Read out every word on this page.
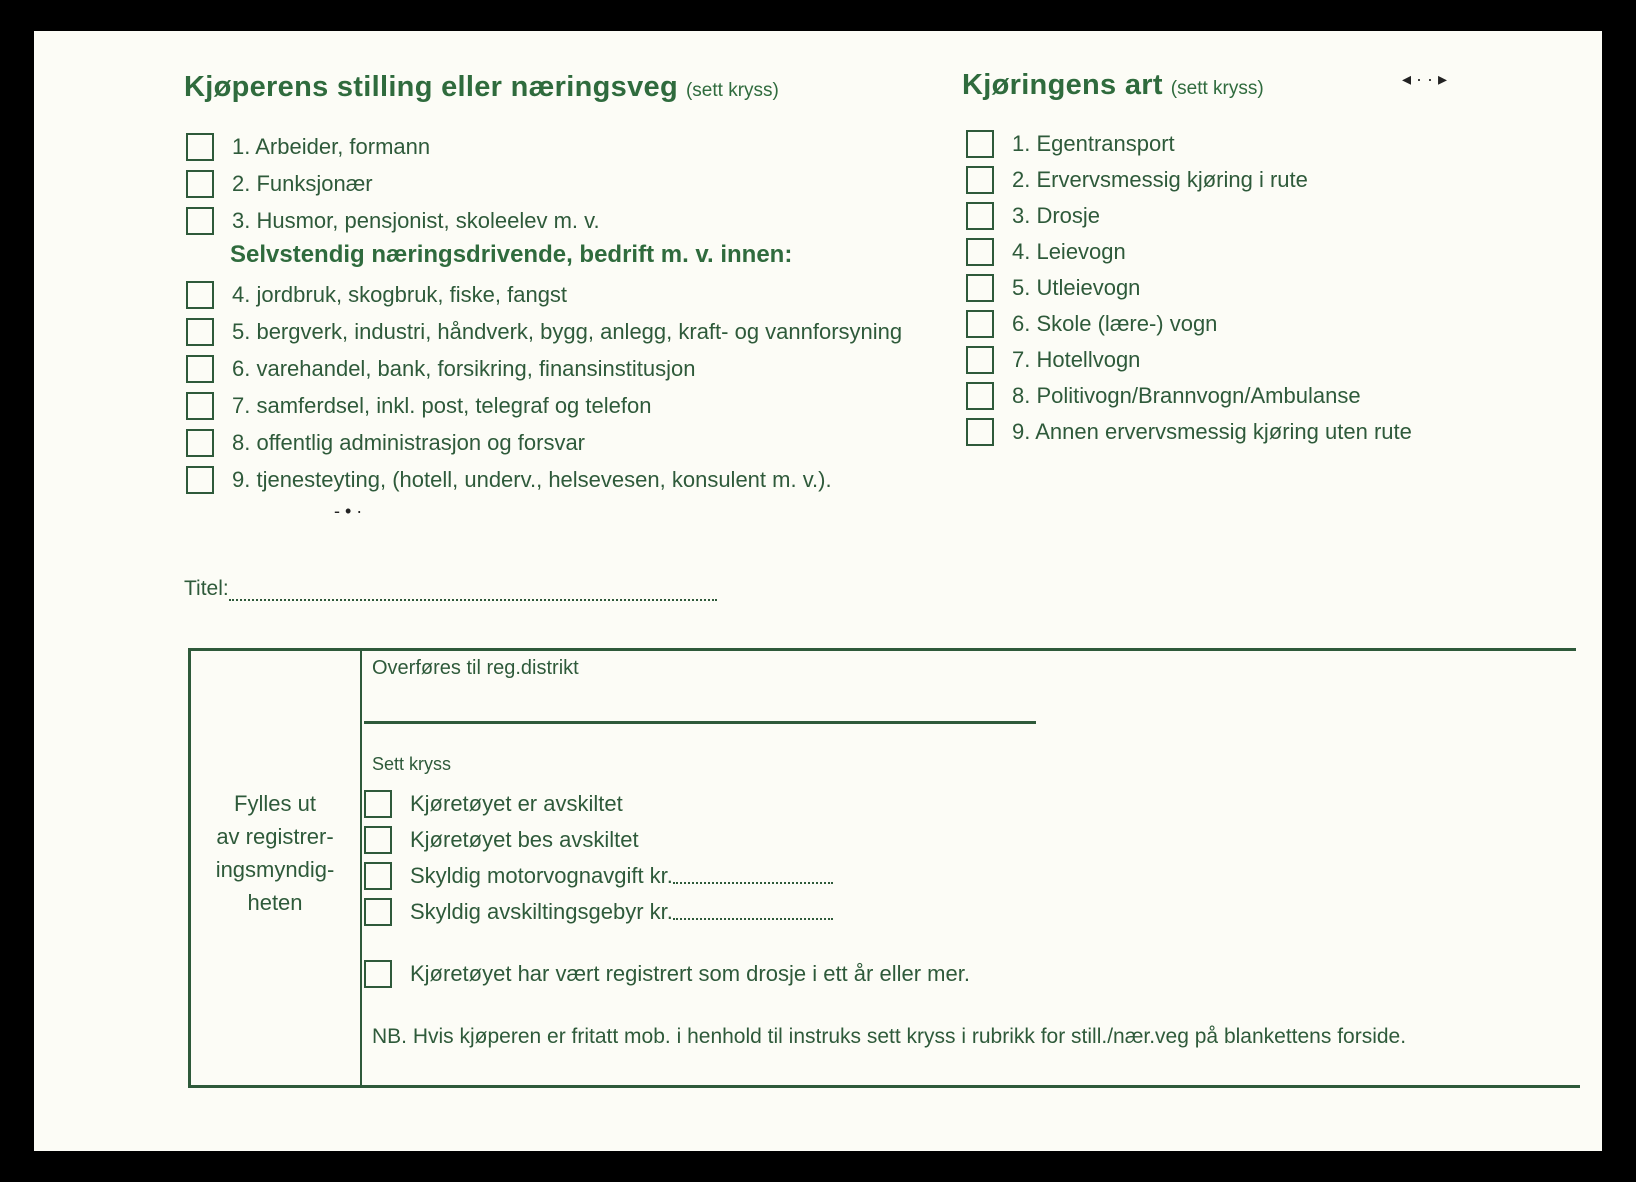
Kjøperens stilling eller næringsveg (sett kryss)
1. Arbeider, formann
2. Funksjonær
3. Husmor, pensjonist, skoleelev m. v.
Selvstendig næringsdrivende, bedrift m. v. innen:
4. jordbruk, skogbruk, fiske, fangst
5. bergverk, industri, håndverk, bygg, anlegg, kraft- og vannforsyning
6. varehandel, bank, forsikring, finansinstitusjon
7. samferdsel, inkl. post, telegraf og telefon
8. offentlig administrasjon og forsvar
9. tjenesteyting, (hotell, underv., helsevesen, konsulent m. v.).
- • ·
Titel:
Kjøringens art (sett kryss)	◂ · · ▸
1. Egentransport
2. Ervervsmessig kjøring i rute
3. Drosje
4. Leievogn
5. Utleievogn
6. Skole (lære-) vogn
7. Hotellvogn
8. Politivogn/Brannvogn/Ambulanse
9. Annen ervervsmessig kjøring uten rute
Fylles ut
av registrer-
ingsmyndig-
heten
Overføres til reg.distrikt
Sett kryss
Kjøretøyet er avskiltet
Kjøretøyet bes avskiltet
Skyldig motorvognavgift kr.
Skyldig avskiltingsgebyr kr.
Kjøretøyet har vært registrert som drosje i ett år eller mer.
NB. Hvis kjøperen er fritatt mob. i henhold til instruks sett kryss i rubrikk for still./nær.veg på blankettens forside.
